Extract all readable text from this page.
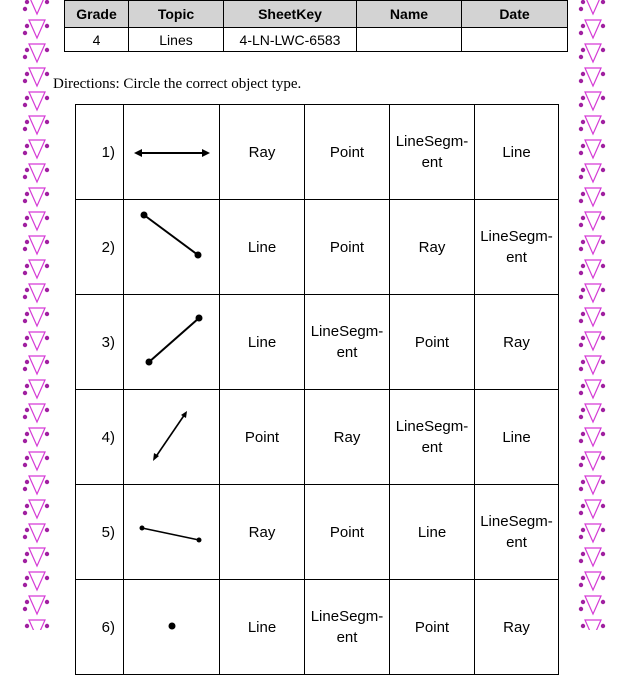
Grade	Topic	SheetKey	Name	Date
4	Lines	4-LN-LWC-6583		
Directions: Circle the correct object type.
1)		Ray	Point	LineSegm-ent	Line
2)		Line	Point	Ray	LineSegm-ent
3)		Line	LineSegm-ent	Point	Ray
4)		Point	Ray	LineSegm-ent	Line
5)		Ray	Point	Line	LineSegm-ent
6)		Line	LineSegm-ent	Point	Ray
